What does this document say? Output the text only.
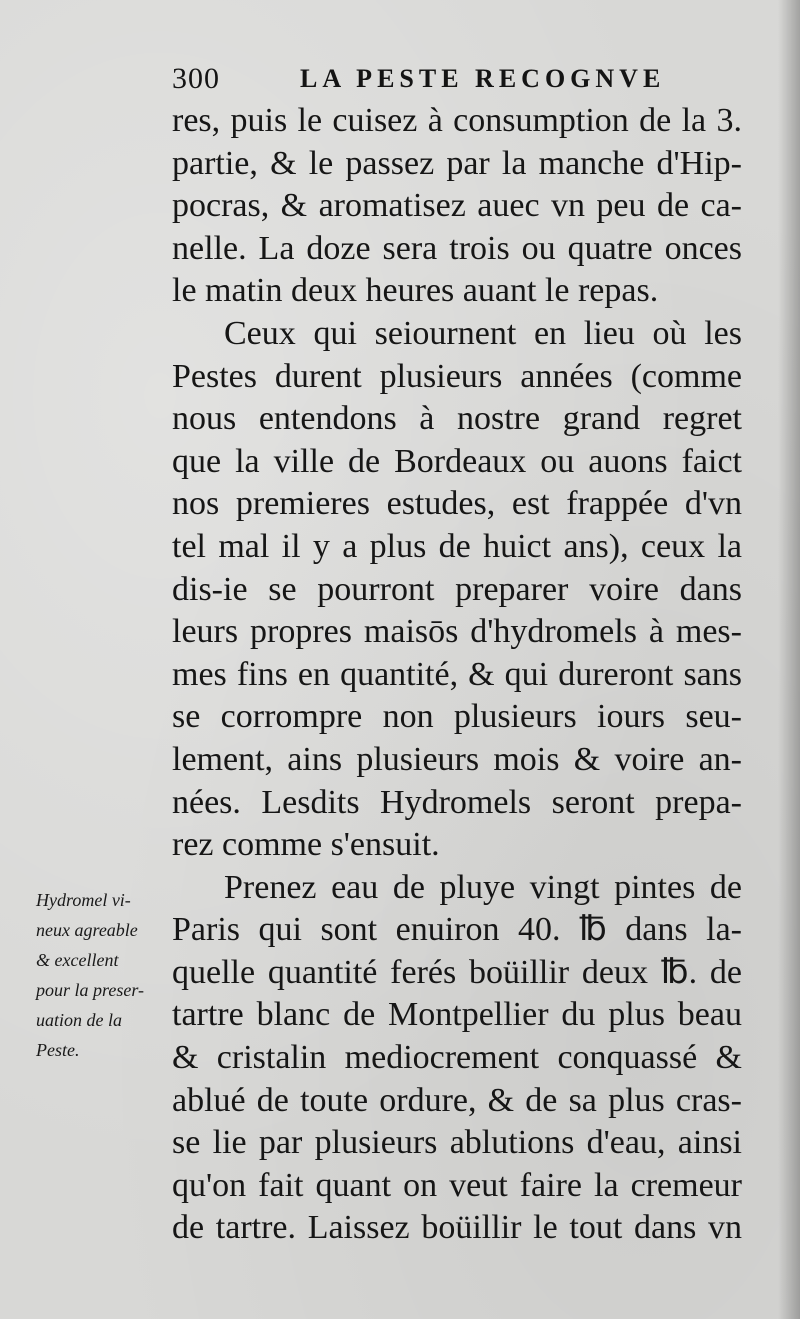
300	LA PESTE RECOGNVE
Hydromel vi-
neux agreable
& excellent
pour la preser-
uation de la
Peste.
res, puis le cuisez à consumption de la 3.
partie, & le passez par la manche d'Hip-
pocras, & aromatisez auec vn peu de ca-
nelle. La doze sera trois ou quatre onces
le matin deux heures auant le repas.
Ceux qui seiournent en lieu où les
Pestes durent plusieurs années (comme
nous entendons à nostre grand regret
que la ville de Bordeaux ou auons faict
nos premieres estudes, est frappée d'vn
tel mal il y a plus de huict ans), ceux la
dis-ie se pourront preparer voire dans
leurs propres maisōs d'hydromels à mes-
mes fins en quantité, & qui dureront sans
se corrompre non plusieurs iours seu-
lement, ains plusieurs mois & voire an-
nées. Lesdits Hydromels seront prepa-
rez comme s'ensuit.
Prenez eau de pluye vingt pintes de
Paris qui sont enuiron 40. ℔ dans la-
quelle quantité ferés boüillir deux ℔. de
tartre blanc de Montpellier du plus beau
& cristalin mediocrement conquassé &
ablué de toute ordure, & de sa plus cras-
se lie par plusieurs ablutions d'eau, ainsi
qu'on fait quant on veut faire la cremeur
de tartre. Laissez boüillir le tout dans vn
